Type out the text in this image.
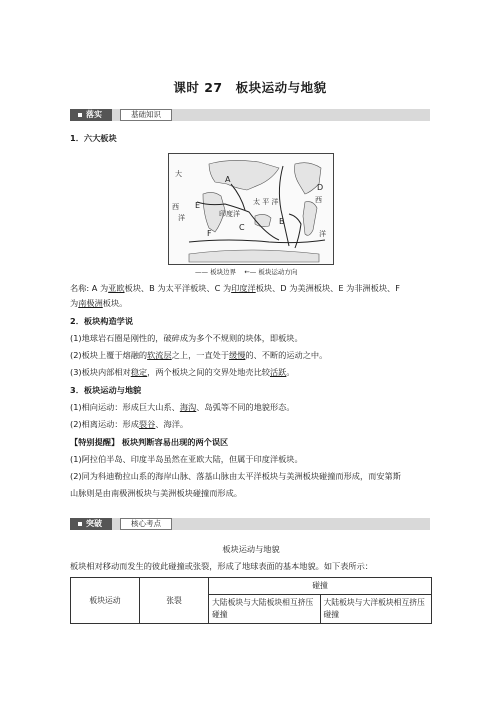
课时 27　板块运动与地貌
落实	基础知识
1．六大板块
大
西
洋
A
E
F
印度洋
C
太 平 洋
B
D
西
洋
—— 板块边界 ←— 板块运动方向
名称: A 为亚欧板块、B 为太平洋板块、C 为印度洋板块、D 为美洲板块、E 为非洲板块、F
为南极洲板块。
2．板块构造学说
(1)地球岩石圈是刚性的，破碎成为多个不规则的块体，即板块。
(2)板块上覆于熔融的软流层之上，一直处于缓慢的、不断的运动之中。
(3)板块内部相对稳定，两个板块之间的交界处地壳比较活跃。
3．板块运动与地貌
(1)相向运动：形成巨大山系、海沟、岛弧等不同的地貌形态。
(2)相离运动：形成裂谷、海洋。
【特别提醒】 板块判断容易出现的两个误区
(1)阿拉伯半岛、印度半岛虽然在亚欧大陆，但属于印度洋板块。
(2)同为科迪勒拉山系的海岸山脉、落基山脉由太平洋板块与美洲板块碰撞而形成，而安第斯
山脉则是由南极洲板块与美洲板块碰撞而形成。
突破	核心考点
板块运动与地貌
板块相对移动而发生的彼此碰撞或张裂，形成了地球表面的基本地貌。如下表所示：
板块运动	张裂	碰撞	
		大陆板块与大陆板块相互挤压碰撞	大陆板块与大洋板块相互挤压碰撞
